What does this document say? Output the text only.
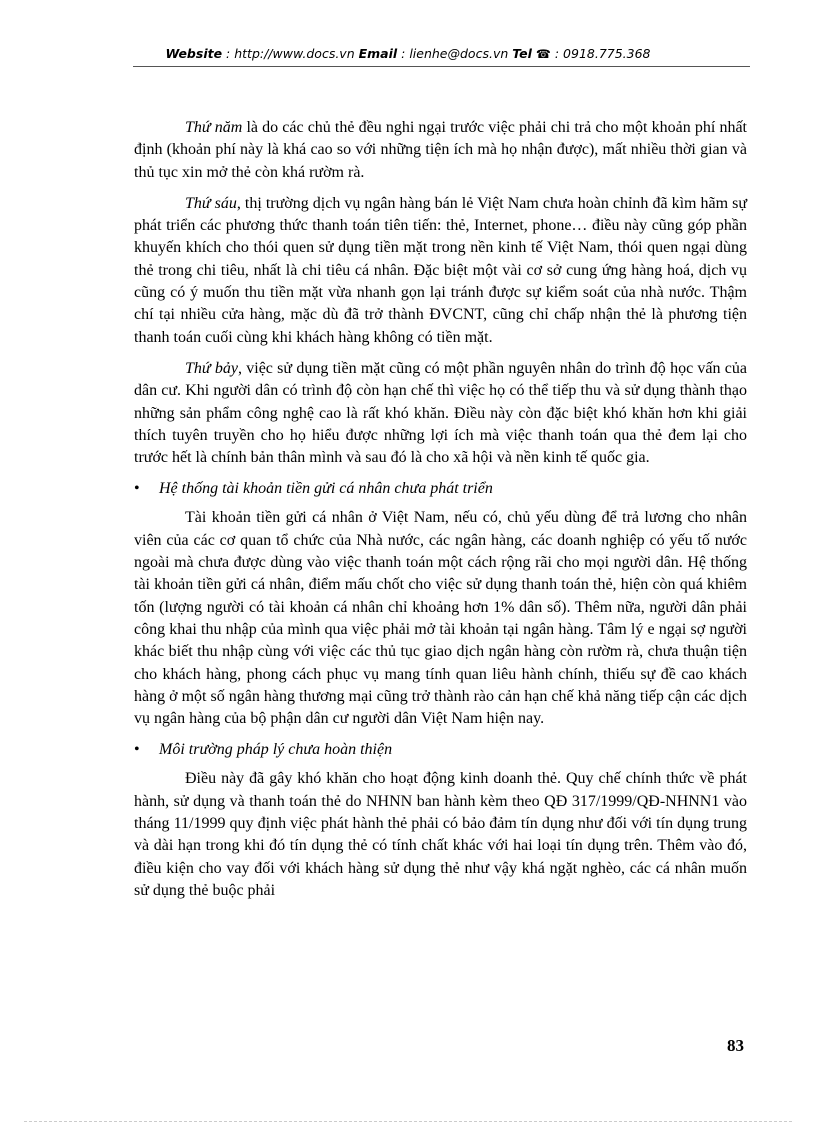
Website : http://www.docs.vn Email : lienhe@docs.vn Tel ☎ : 0918.775.368

Thứ năm là do các chủ thẻ đều nghi ngại trước việc phải chi trả cho một khoản phí nhất định (khoản phí này là khá cao so với những tiện ích mà họ nhận được), mất nhiều thời gian và thủ tục xin mở thẻ còn khá rườm rà.

Thứ sáu, thị trường dịch vụ ngân hàng bán lẻ Việt Nam chưa hoàn chỉnh đã kìm hãm sự phát triển các phương thức thanh toán tiên tiến: thẻ, Internet, phone… điều này cũng góp phần khuyến khích cho thói quen sử dụng tiền mặt trong nền kinh tế Việt Nam, thói quen ngại dùng thẻ trong chi tiêu, nhất là chi tiêu cá nhân. Đặc biệt một vài cơ sở cung ứng hàng hoá, dịch vụ cũng có ý muốn thu tiền mặt vừa nhanh gọn lại tránh được sự kiểm soát của nhà nước. Thậm chí tại nhiều cửa hàng, mặc dù đã trở thành ĐVCNT, cũng chỉ chấp nhận thẻ là phương tiện thanh toán cuối cùng khi khách hàng không có tiền mặt.

Thứ bảy, việc sử dụng tiền mặt cũng có một phần nguyên nhân do trình độ học vấn của dân cư. Khi người dân có trình độ còn hạn chế thì việc họ có thể tiếp thu và sử dụng thành thạo những sản phẩm công nghệ cao là rất khó khăn. Điều này còn đặc biệt khó khăn hơn khi giải thích tuyên truyền cho họ hiểu được những lợi ích mà việc thanh toán qua thẻ đem lại cho trước hết là chính bản thân mình và sau đó là cho xã hội và nền kinh tế quốc gia.

• Hệ thống tài khoản tiền gửi cá nhân chưa phát triển

Tài khoản tiền gửi cá nhân ở Việt Nam, nếu có, chủ yếu dùng để trả lương cho nhân viên của các cơ quan tổ chức của Nhà nước, các ngân hàng, các doanh nghiệp có yếu tố nước ngoài mà chưa được dùng vào việc thanh toán một cách rộng rãi cho mọi người dân. Hệ thống tài khoản tiền gửi cá nhân, điểm mấu chốt cho việc sử dụng thanh toán thẻ, hiện còn quá khiêm tốn (lượng người có tài khoản cá nhân chỉ khoảng hơn 1% dân số). Thêm nữa, người dân phải công khai thu nhập của mình qua việc phải mở tài khoản tại ngân hàng. Tâm lý e ngại sợ người khác biết thu nhập cùng với việc các thủ tục giao dịch ngân hàng còn rườm rà, chưa thuận tiện cho khách hàng, phong cách phục vụ mang tính quan liêu hành chính, thiếu sự đề cao khách hàng ở một số ngân hàng thương mại cũng trở thành rào cản hạn chế khả năng tiếp cận các dịch vụ ngân hàng của bộ phận dân cư người dân Việt Nam hiện nay.

• Môi trường pháp lý chưa hoàn thiện

Điều này đã gây khó khăn cho hoạt động kinh doanh thẻ. Quy chế chính thức về phát hành, sử dụng và thanh toán thẻ do NHNN ban hành kèm theo QĐ 317/1999/QĐ-NHNN1 vào tháng 11/1999 quy định việc phát hành thẻ phải có bảo đảm tín dụng như đối với tín dụng trung và dài hạn trong khi đó tín dụng thẻ có tính chất khác với hai loại tín dụng trên. Thêm vào đó, điều kiện cho vay đối với khách hàng sử dụng thẻ như vậy khá ngặt nghèo, các cá nhân muốn sử dụng thẻ buộc phải

83
